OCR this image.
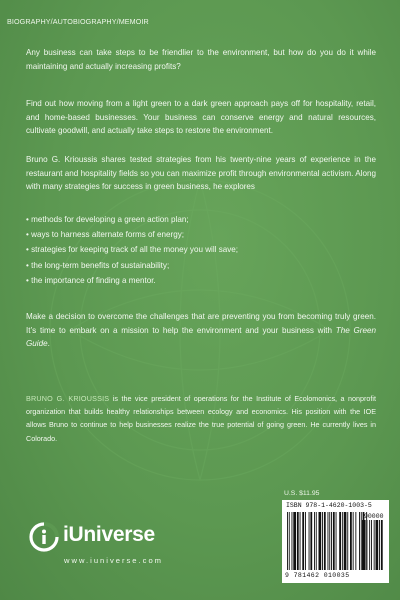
BIOGRAPHY/AUTOBIOGRAPHY/MEMOIR

Any business can take steps to be friendlier to the environment, but how do you do it while maintaining and actually increasing profits?

Find out how moving from a light green to a dark green approach pays off for hospitality, retail, and home-based businesses. Your business can conserve energy and natural resources, cultivate goodwill, and actually take steps to restore the environment.

Bruno G. Krioussis shares tested strategies from his twenty-nine years of experience in the restaurant and hospitality fields so you can maximize profit through environmental activism. Along with many strategies for success in green business, he explores

• methods for developing a green action plan;
• ways to harness alternate forms of energy;
• strategies for keeping track of all the money you will save;
• the long-term benefits of sustainability;
• the importance of finding a mentor.

Make a decision to overcome the challenges that are preventing you from becoming truly green. It’s time to embark on a mission to help the environment and your business with The Green Guide.

BRUNO G. KRIOUSSIS is the vice president of operations for the Institute of Ecolomonics, a nonprofit organization that builds healthy relationships between ecology and economics. His position with the IOE allows Bruno to continue to help businesses realize the true potential of going green. He currently lives in Colorado.

U.S. $11.95
ISBN 978-1-4620-1003-5
90000
9 781462 010035
iUniverse
www.iuniverse.com
